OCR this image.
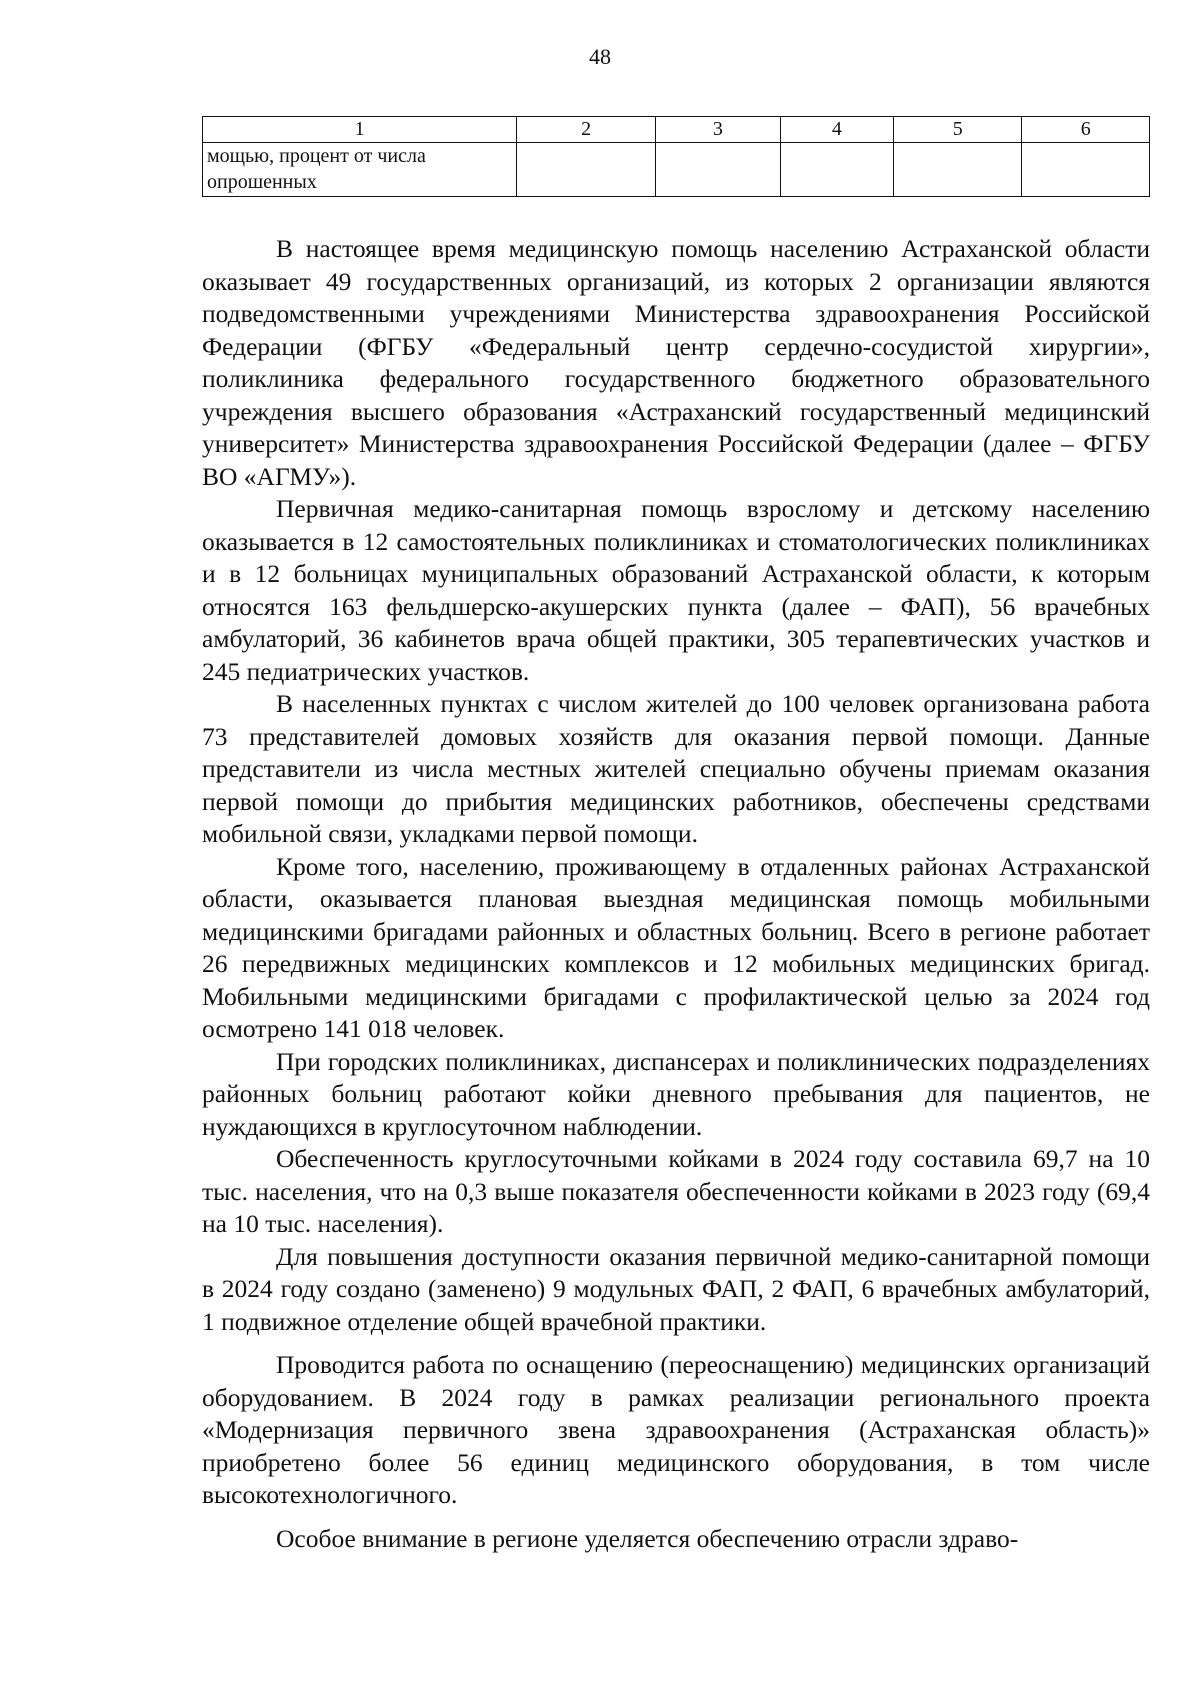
48
1	2	3	4	5	6

мощью, процент от числа
опрошенных					

В настоящее время медицинскую помощь населению Астраханской области оказывает 49 государственных организаций, из которых 2 организации являются подведомственными учреждениями Министерства здравоохранения Российской Федерации (ФГБУ «Федеральный центр сердечно-сосудистой хирургии», поликлиника федерального государственного бюджетного образовательного учреждения высшего образования «Астраханский государственный медицинский университет» Министерства здравоохранения Российской Федерации (далее – ФГБУ ВО «АГМУ»).

Первичная медико-санитарная помощь взрослому и детскому населению оказывается в 12 самостоятельных поликлиниках и стоматологических поликлиниках и в 12 больницах муниципальных образований Астраханской области, к которым относятся 163 фельдшерско-акушерских пункта (далее – ФАП), 56 врачебных амбулаторий, 36 кабинетов врача общей практики, 305 терапевтических участков и 245 педиатрических участков.

В населенных пунктах с числом жителей до 100 человек организована работа 73 представителей домовых хозяйств для оказания первой помощи. Данные представители из числа местных жителей специально обучены приемам оказания первой помощи до прибытия медицинских работников, обеспечены средствами мобильной связи, укладками первой помощи.

Кроме того, населению, проживающему в отдаленных районах Астраханской области, оказывается плановая выездная медицинская помощь мобильными медицинскими бригадами районных и областных больниц. Всего в регионе работает 26 передвижных медицинских комплексов и 12 мобильных медицинских бригад. Мобильными медицинскими бригадами с профилактической целью за 2024 год осмотрено 141 018 человек.

При городских поликлиниках, диспансерах и поликлинических подразделениях районных больниц работают койки дневного пребывания для пациентов, не нуждающихся в круглосуточном наблюдении.

Обеспеченность круглосуточными койками в 2024 году составила 69,7 на 10 тыс. населения, что на 0,3 выше показателя обеспеченности койками в 2023 году (69,4 на 10 тыс. населения).

Для повышения доступности оказания первичной медико-санитарной помощи в 2024 году создано (заменено) 9 модульных ФАП, 2 ФАП, 6 врачебных амбулаторий, 1 подвижное отделение общей врачебной практики.

Проводится работа по оснащению (переоснащению) медицинских организаций оборудованием. В 2024 году в рамках реализации регионального проекта «Модернизация первичного звена здравоохранения (Астраханская область)» приобретено более 56 единиц медицинского оборудования, в том числе высокотехнологичного.

Особое внимание в регионе уделяется обеспечению отрасли здраво-
